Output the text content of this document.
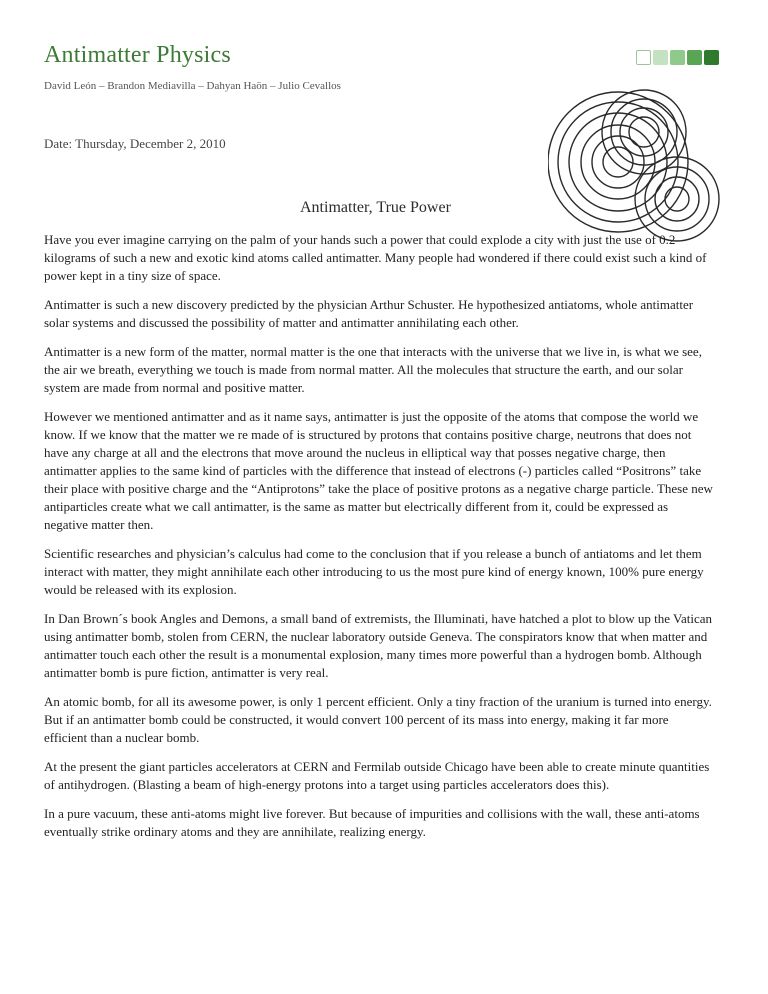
Antimatter Physics
David León – Brandon Mediavilla – Dahyan Haön – Julio Cevallos
Date: Thursday, December 2, 2010
Antimatter, True Power

Have you ever imagine carrying on the palm of your hands such a power that could explode a city with just the use of 0.2 kilograms of such a new and exotic kind atoms called antimatter. Many people had wondered if there could exist such a kind of power kept in a tiny size of space.

Antimatter is such a new discovery predicted by the physician Arthur Schuster. He hypothesized antiatoms, whole antimatter solar systems and discussed the possibility of matter and antimatter annihilating each other.

Antimatter is a new form of the matter, normal matter is the one that interacts with the universe that we live in, is what we see, the air we breath, everything we touch is made from normal matter. All the molecules that structure the earth, and our solar system are made from normal and positive matter.

However we mentioned antimatter and as it name says, antimatter is just the opposite of the atoms that compose the world we know. If we know that the matter we re made of is structured by protons that contains positive charge, neutrons that does not have any charge at all and the electrons that move around the nucleus in elliptical way that posses negative charge, then antimatter applies to the same kind of particles with the difference that instead of electrons (-) particles called “Positrons” take their place with positive charge and the “Antiprotons” take the place of positive protons as a negative charge particle. These new antiparticles create what we call antimatter, is the same as matter but electrically different from it, could be expressed as negative matter then.

Scientific researches and physician’s calculus had come to the conclusion that if you release a bunch of antiatoms and let them interact with matter, they might annihilate each other introducing to us the most pure kind of energy known, 100% pure energy would be released with its explosion.

In Dan Brown´s book Angles and Demons, a small band of extremists, the Illuminati, have hatched a plot to blow up the Vatican using antimatter bomb, stolen from CERN, the nuclear laboratory outside Geneva. The conspirators know that when matter and antimatter touch each other the result is a monumental explosion, many times more powerful than a hydrogen bomb. Although antimatter bomb is pure fiction, antimatter is very real.

An atomic bomb, for all its awesome power, is only 1 percent efficient. Only a tiny fraction of the uranium is turned into energy. But if an antimatter bomb could be constructed, it would convert 100 percent of its mass into energy, making it far more efficient than a nuclear bomb.

At the present the giant particles accelerators at CERN and Fermilab outside Chicago have been able to create minute quantities of antihydrogen. (Blasting a beam of high-energy protons into a target using particles accelerators does this).

In a pure vacuum, these anti-atoms might live forever. But because of impurities and collisions with the wall, these anti-atoms eventually strike ordinary atoms and they are annihilate, realizing energy.
